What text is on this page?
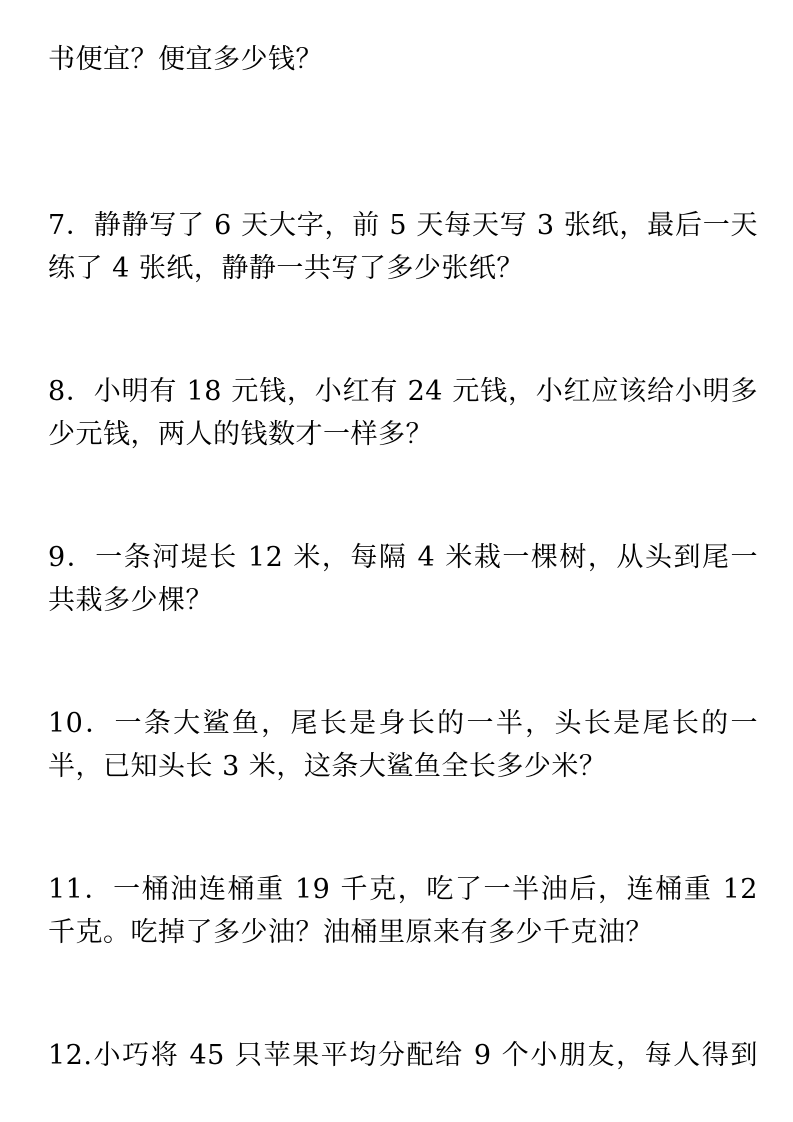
书便宜？便宜多少钱？
7．静静写了 6 天大字，前 5 天每天写 3 张纸，最后一天
练了 4 张纸，静静一共写了多少张纸？
8．小明有 18 元钱，小红有 24 元钱，小红应该给小明多
少元钱，两人的钱数才一样多？
9．一条河堤长 12 米，每隔 4 米栽一棵树，从头到尾一
共栽多少棵？
10．一条大鲨鱼，尾长是身长的一半，头长是尾长的一
半，已知头长 3 米，这条大鲨鱼全长多少米？
11．一桶油连桶重 19 千克，吃了一半油后，连桶重 12
千克。吃掉了多少油？油桶里原来有多少千克油？
12.小巧将 45 只苹果平均分配给 9 个小朋友，每人得到
